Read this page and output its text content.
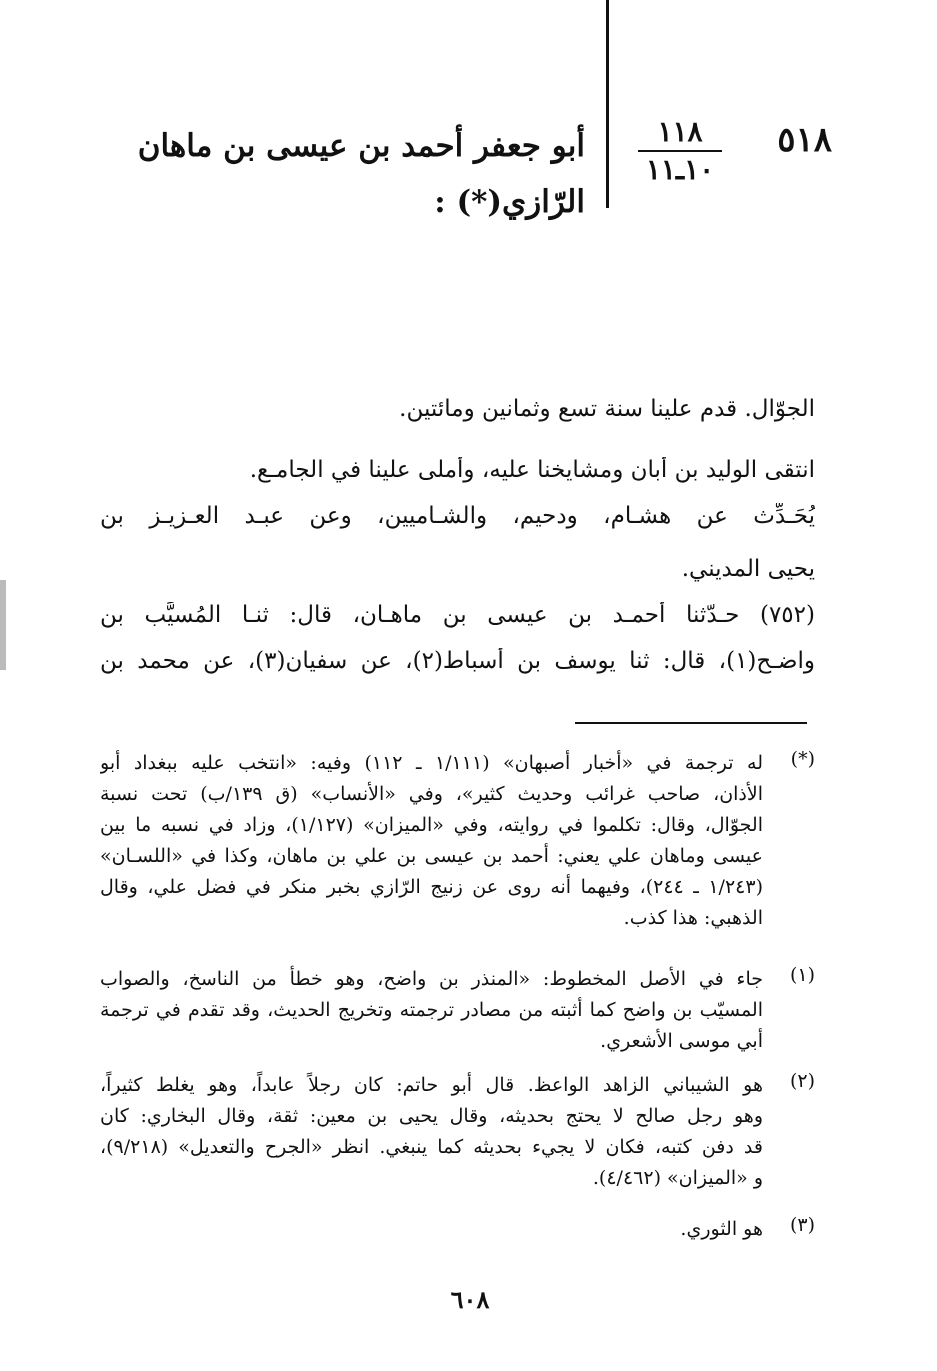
٥١٨
١١٨
١٠ـ١١
أبو جعفر أحمد بن عيسى بن ماهان
الرّازي(*) :
الجوّال. قدم علينا سنة تسع وثمانين ومائتين.
انتقى الوليد بن أبان ومشايخنا عليه، وأملى علينا في الجامـع.
يُحَـدِّث عن هشـام، ودحيم، والشـاميين، وعن عبـد العـزيـز بن
يحيى المديني.
(٧٥٢) حـدّثنا أحمـد بن عيسى بن ماهـان، قال: ثنـا المُسيَّب بن
واضـح(١)، قال: ثنا يوسف بن أسباط(٢)، عن سفيان(٣)، عن محمد بن
(*)
له ترجمة في «أخبار أصبهان» (١/١١١ ـ ١١٢) وفيه: «انتخب عليه ببغداد أبو
الأذان، صاحب غرائب وحديث كثير»، وفي «الأنساب» (ق ١٣٩/ب) تحت نسبة
الجوّال، وقال: تكلموا في روايته، وفي «الميزان» (١/١٢٧)، وزاد في نسبه ما بين
عيسى وماهان علي يعني: أحمد بن عيسى بن علي بن ماهان، وكذا في «اللسـان»
(١/٢٤٣ ـ ٢٤٤)، وفيهما أنه روى عن زنيج الرّازي بخبر منكر في فضل علي، وقال
الذهبي: هذا كذب.
(١)
جاء في الأصل المخطوط: «المنذر بن واضح، وهو خطأ من الناسخ، والصواب
المسيّب بن واضح كما أثبته من مصادر ترجمته وتخريج الحديث، وقد تقدم في ترجمة
أبي موسى الأشعري.
(٢)
هو الشيباني الزاهد الواعظ. قال أبو حاتم: كان رجلاً عابداً، وهو يغلط كثيراً،
وهو رجل صالح لا يحتج بحديثه، وقال يحيى بن معين: ثقة، وقال البخاري: كان
قد دفن كتبه، فكان لا يجيء بحديثه كما ينبغي. انظر «الجرح والتعديل» (٩/٢١٨)،
و «الميزان» (٤/٤٦٢).
(٣)
هو الثوري.
٦٠٨
